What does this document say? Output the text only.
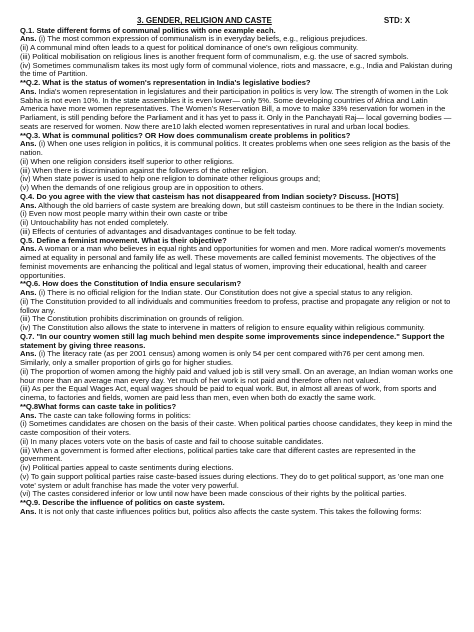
3. GENDER, RELIGION AND CASTE	STD: X

Q.1. State different forms of communal politics with one example each.

Ans. (i) The most common expression of communalism is in everyday beliefs, e.g., religious prejudices.

(ii) A communal mind often leads to a quest for political dominance of one's own religious community.

(iii) Political mobilisation on religious lines is another frequent form of communalism, e.g. the use of sacred symbols.

(iv) Sometimes communalism takes its most ugly form of communal violence, riots and massacre, e.g., India and Pakistan during the time of Partition.

**Q.2. What is the status of women's representation in India's legislative bodies?

Ans. India's women representation in legislatures and their participation in politics is very low. The strength of women in the Lok Sabha is not even 10%. In the state assemblies it is even lower— only 5%. Some developing countries of Africa and Latin America have more women representatives. The Women's Reservation Bill, a move to make 33% reservation for women in the Parliament, is still pending before the Parliament and it has yet to pass it. Only in the Panchayati Raj— local governing bodies — seats are reserved for women. Now there are10 lakh elected women representatives in rural and urban local bodies.

**Q.3. What is communal politics? OR How does communalism create problems in politics?

Ans. (i) When one uses religion in politics, it is communal politics. It creates problems when one sees religion as the basis of the nation.

(ii) When one religion considers itself superior to other religions.

(iii) When there is discrimination against the followers of the other religion.

(iv) When state power is used to help one religion to dominate other religious groups and;

(v) When the demands of one religious group are in opposition to others.

Q.4. Do you agree with the view that casteism has not disappeared from Indian society? Discuss. [HOTS]

Ans. Although the old barriers of caste system are breaking down, but still casteism continues to be there in the Indian society.

(i) Even now most people marry within their own caste or tribe

(ii) Untouchability has not ended completely.

(iii) Effects of centuries of advantages and disadvantages continue to be felt today.

Q.5. Define a feminist movement. What is their objective?

Ans. A woman or a man who believes in equal rights and opportunities for women and men. More radical women's movements aimed at equality in personal and family life as well. These movements are called feminist movements. The objectives of the feminist movements are enhancing the political and legal status of women, improving their educational, health and career opportunities.

**Q.6. How does the Constitution of India ensure secularism?

Ans. (i) There is no official religion for the Indian state. Our Constitution does not give a special status to any religion.

(ii) The Constitution provided to all individuals and communities freedom to profess, practise and propagate any religion or not to follow any.

(iii) The Constitution prohibits discrimination on grounds of religion.

(iv) The Constitution also allows the state to intervene in matters of religion to ensure equality within religious community.

Q.7. "In our country women still lag much behind men despite some improvements since independence." Support the statement by giving three reasons.

Ans. (i) The literacy rate (as per 2001 census) among women is only 54 per cent compared with76 per cent among men. Similarly, only a smaller proportion of girls go for higher studies.

(ii) The proportion of women among the highly paid and valued job is still very small. On an average, an Indian woman works one hour more than an average man every day. Yet much of her work is not paid and therefore often not valued.

(iii) As per the Equal Wages Act, equal wages should be paid to equal work. But, in almost all areas of work, from sports and cinema, to factories and fields, women are paid less than men, even when both do exactly the same work.

**Q.8What forms can caste take in politics?

Ans. The caste can take following forms in politics:

(i) Sometimes candidates are chosen on the basis of their caste. When political parties choose candidates, they keep in mind the caste composition of their voters.

(ii) In many places voters vote on the basis of caste and fail to choose suitable candidates.

(iii) When a government is formed after elections, political parties take care that different castes are represented in the government.

(iv) Political parties appeal to caste sentiments during elections.

(v) To gain support political parties raise caste-based issues during elections. They do to get political support, as 'one man one vote' system or adult franchise has made the voter very powerful.

(vi) The castes considered inferior or low until now have been made conscious of their rights by the political parties.

**Q.9. Describe the influence of politics on caste system.

Ans. It is not only that caste influences politics but, politics also affects the caste system. This takes the following forms:
